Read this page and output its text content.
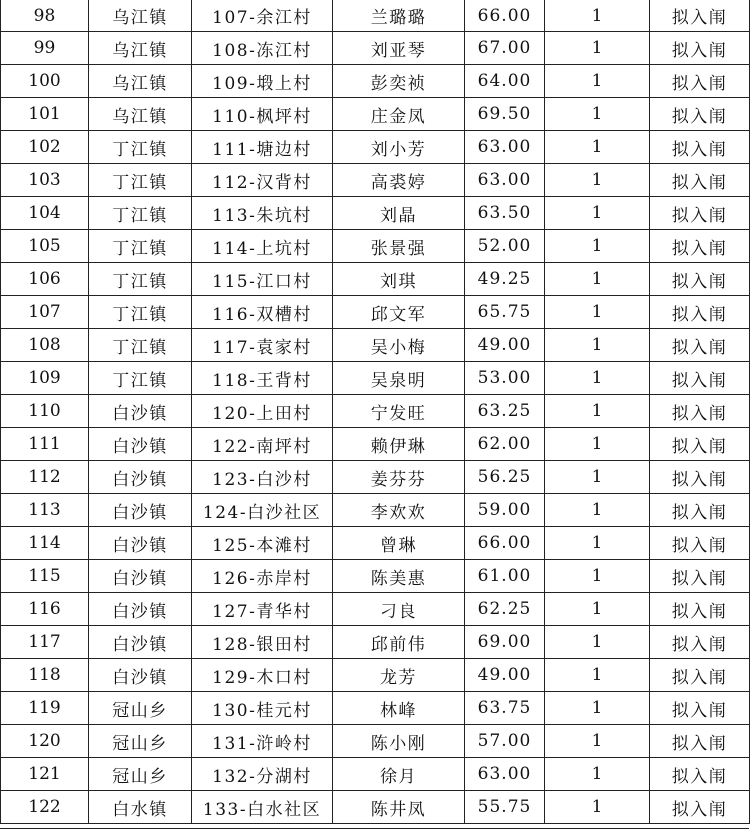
98	乌江镇	107-余江村	兰璐璐	66.00	1	拟入闱
99	乌江镇	108-冻江村	刘亚琴	67.00	1	拟入闱
100	乌江镇	109-塅上村	彭奕祯	64.00	1	拟入闱
101	乌江镇	110-枫坪村	庄金凤	69.50	1	拟入闱
102	丁江镇	111-塘边村	刘小芳	63.00	1	拟入闱
103	丁江镇	112-汉背村	高裘婷	63.00	1	拟入闱
104	丁江镇	113-朱坑村	刘晶	63.50	1	拟入闱
105	丁江镇	114-上坑村	张景强	52.00	1	拟入闱
106	丁江镇	115-江口村	刘琪	49.25	1	拟入闱
107	丁江镇	116-双槽村	邱文军	65.75	1	拟入闱
108	丁江镇	117-袁家村	吴小梅	49.00	1	拟入闱
109	丁江镇	118-王背村	吴泉明	53.00	1	拟入闱
110	白沙镇	120-上田村	宁发旺	63.25	1	拟入闱
111	白沙镇	122-南坪村	赖伊琳	62.00	1	拟入闱
112	白沙镇	123-白沙村	姜芬芬	56.25	1	拟入闱
113	白沙镇	124-白沙社区	李欢欢	59.00	1	拟入闱
114	白沙镇	125-本滩村	曾琳	66.00	1	拟入闱
115	白沙镇	126-赤岸村	陈美惠	61.00	1	拟入闱
116	白沙镇	127-青华村	刁良	62.25	1	拟入闱
117	白沙镇	128-银田村	邱前伟	69.00	1	拟入闱
118	白沙镇	129-木口村	龙芳	49.00	1	拟入闱
119	冠山乡	130-桂元村	林峰	63.75	1	拟入闱
120	冠山乡	131-浒岭村	陈小刚	57.00	1	拟入闱
121	冠山乡	132-分湖村	徐月	63.00	1	拟入闱
122	白水镇	133-白水社区	陈井凤	55.75	1	拟入闱
